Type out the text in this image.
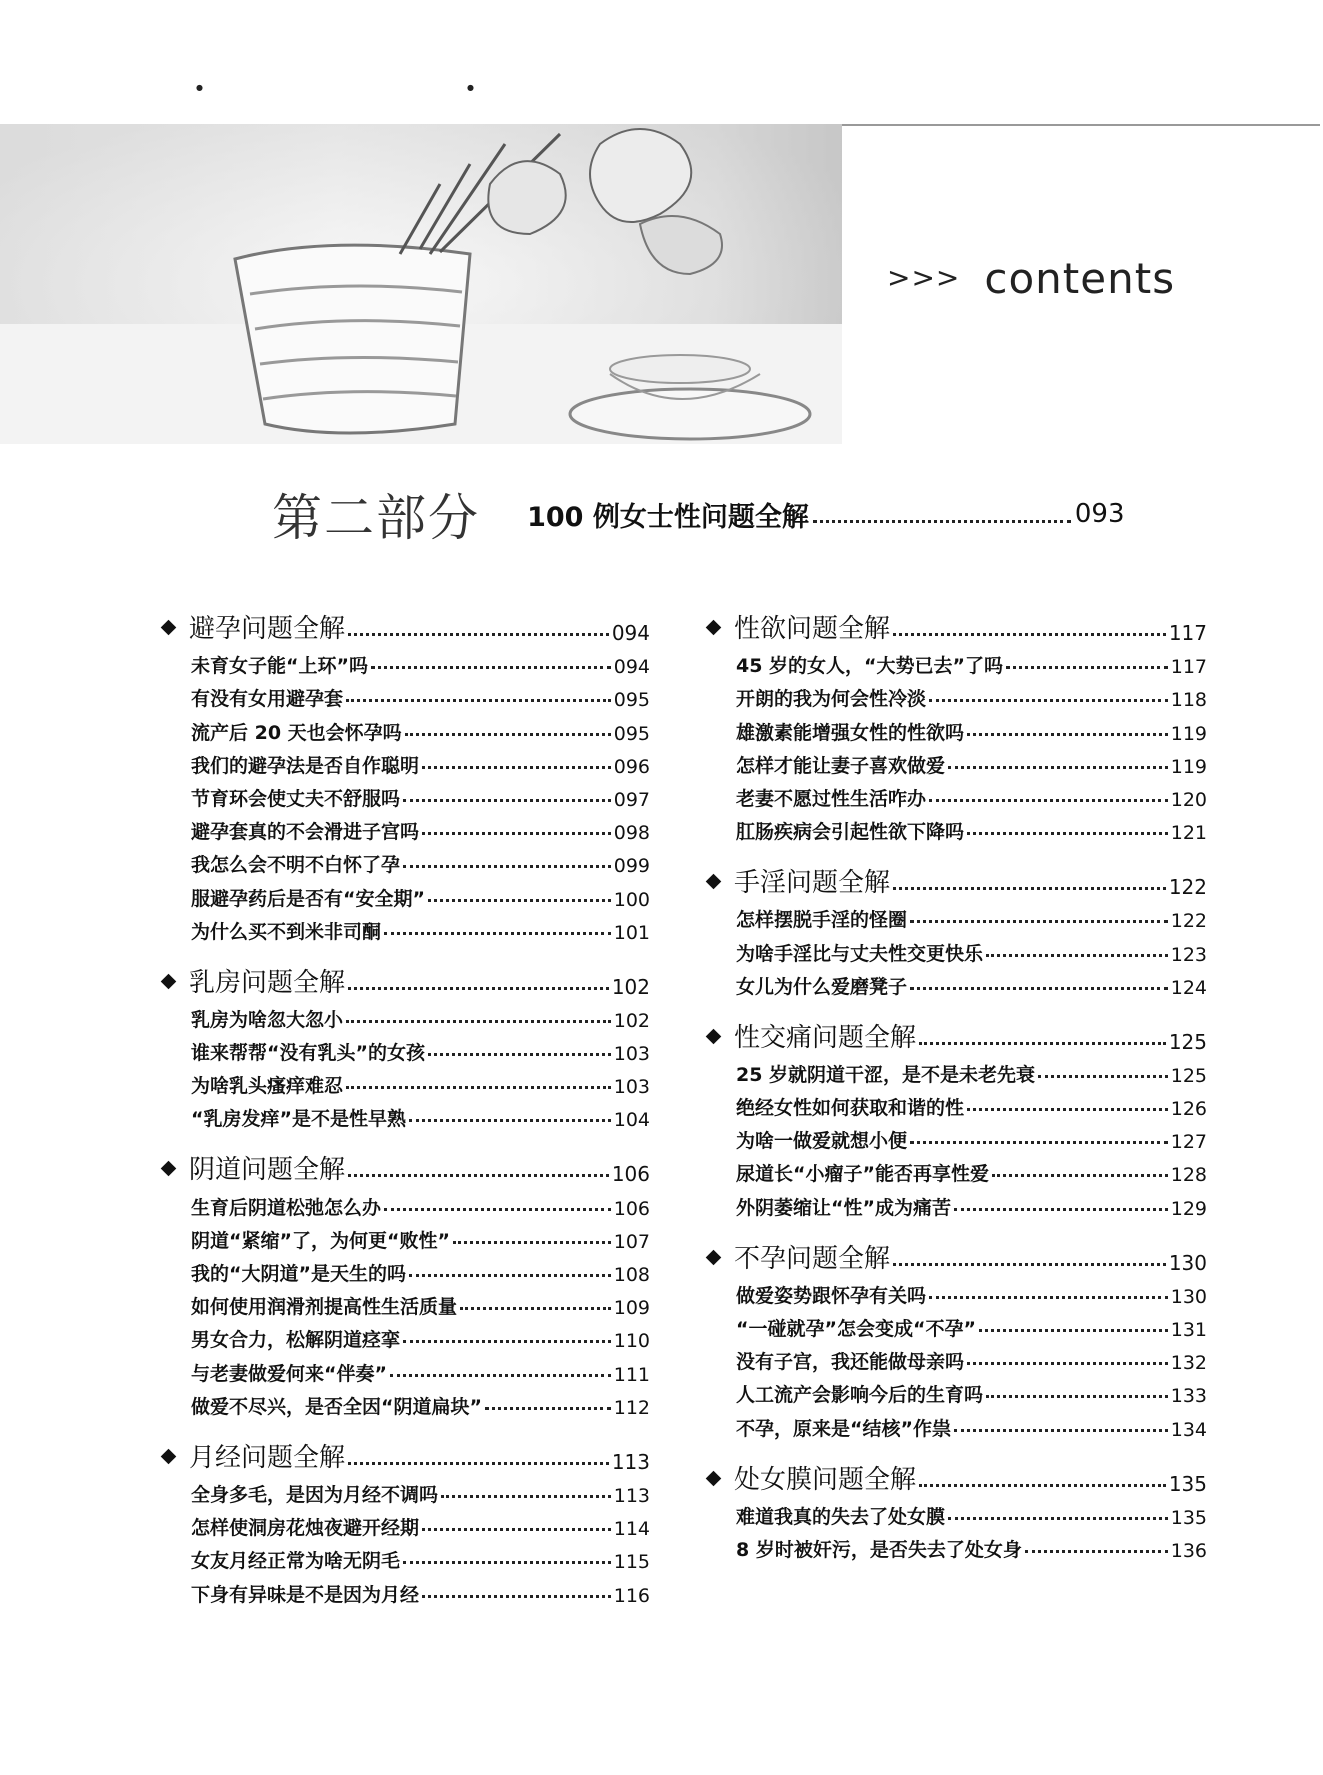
●	●
>>> contents
第二部分 100 例女士性问题全解	093
避孕问题全解	094
未育女子能“上环”吗	094
有没有女用避孕套	095
流产后 20 天也会怀孕吗	095
我们的避孕法是否自作聪明	096
节育环会使丈夫不舒服吗	097
避孕套真的不会滑进子宫吗	098
我怎么会不明不白怀了孕	099
服避孕药后是否有“安全期”	100
为什么买不到米非司酮	101
乳房问题全解	102
乳房为啥忽大忽小	102
谁来帮帮“没有乳头”的女孩	103
为啥乳头瘙痒难忍	103
“乳房发痒”是不是性早熟	104
阴道问题全解	106
生育后阴道松弛怎么办	106
阴道“紧缩”了，为何更“败性”	107
我的“大阴道”是天生的吗	108
如何使用润滑剂提高性生活质量	109
男女合力，松解阴道痉挛	110
与老妻做爱何来“伴奏”	111
做爱不尽兴，是否全因“阴道扁块”	112
月经问题全解	113
全身多毛，是因为月经不调吗	113
怎样使洞房花烛夜避开经期	114
女友月经正常为啥无阴毛	115
下身有异味是不是因为月经	116
性欲问题全解	117
45 岁的女人，“大势已去”了吗	117
开朗的我为何会性冷淡	118
雄激素能增强女性的性欲吗	119
怎样才能让妻子喜欢做爱	119
老妻不愿过性生活咋办	120
肛肠疾病会引起性欲下降吗	121
手淫问题全解	122
怎样摆脱手淫的怪圈	122
为啥手淫比与丈夫性交更快乐	123
女儿为什么爱磨凳子	124
性交痛问题全解	125
25 岁就阴道干涩，是不是未老先衰	125
绝经女性如何获取和谐的性	126
为啥一做爱就想小便	127
尿道长“小瘤子”能否再享性爱	128
外阴萎缩让“性”成为痛苦	129
不孕问题全解	130
做爱姿势跟怀孕有关吗	130
“一碰就孕”怎会变成“不孕”	131
没有子宫，我还能做母亲吗	132
人工流产会影响今后的生育吗	133
不孕，原来是“结核”作祟	134
处女膜问题全解	135
难道我真的失去了处女膜	135
8 岁时被奸污，是否失去了处女身	136
